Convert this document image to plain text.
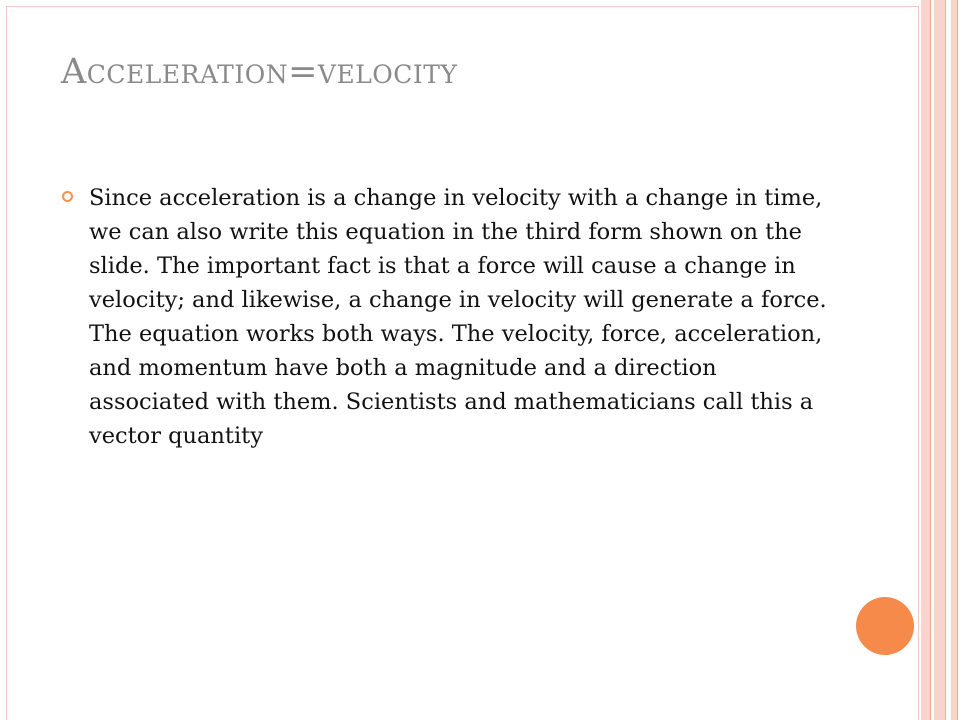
Acceleration=velocity
Since acceleration is a change in velocity with a change in time, we can also write this equation in the third form shown on the slide. The important fact is that a force will cause a change in velocity; and likewise, a change in velocity will generate a force. The equation works both ways. The velocity, force, acceleration, and momentum have both a magnitude and a direction associated with them. Scientists and mathematicians call this a vector quantity
